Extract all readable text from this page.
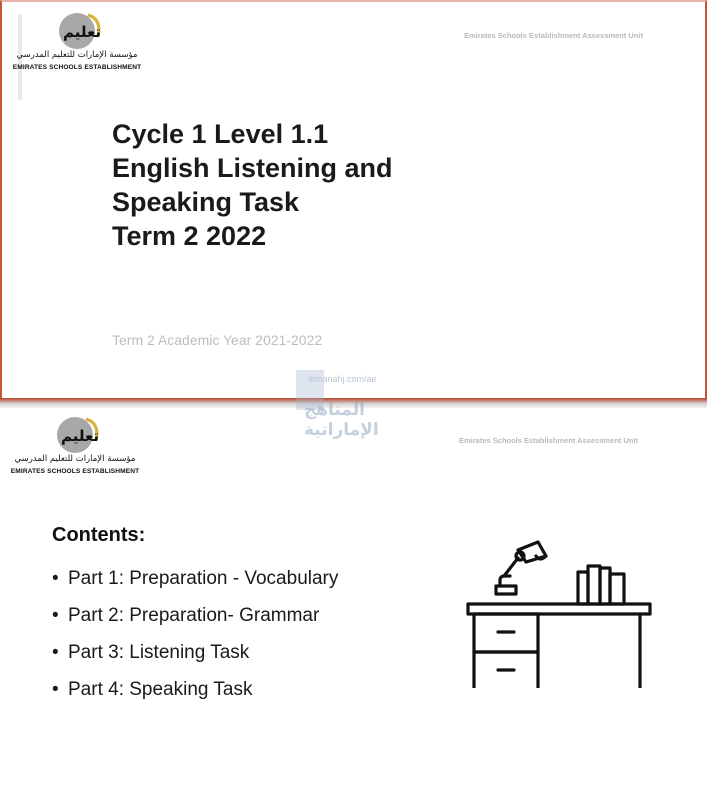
تعليم
مؤسسة الإمارات للتعليم المدرسي
EMIRATES SCHOOLS ESTABLISHMENT
Emirates Schools Establishment Assessment Unit

Cycle 1 Level 1.1

English Listening and

Speaking Task

Term 2 2022

Term 2 Academic Year 2021-2022
تعليم
مؤسسة الإمارات للتعليم المدرسي
EMIRATES SCHOOLS ESTABLISHMENT
Emirates Schools Establishment Assessment Unit
Contents:
• Part 1: Preparation - Vocabulary
• Part 2: Preparation- Grammar
• Part 3: Listening Task
• Part 4: Speaking Task
almanahj.com/ae
المناهج الإماراتية
